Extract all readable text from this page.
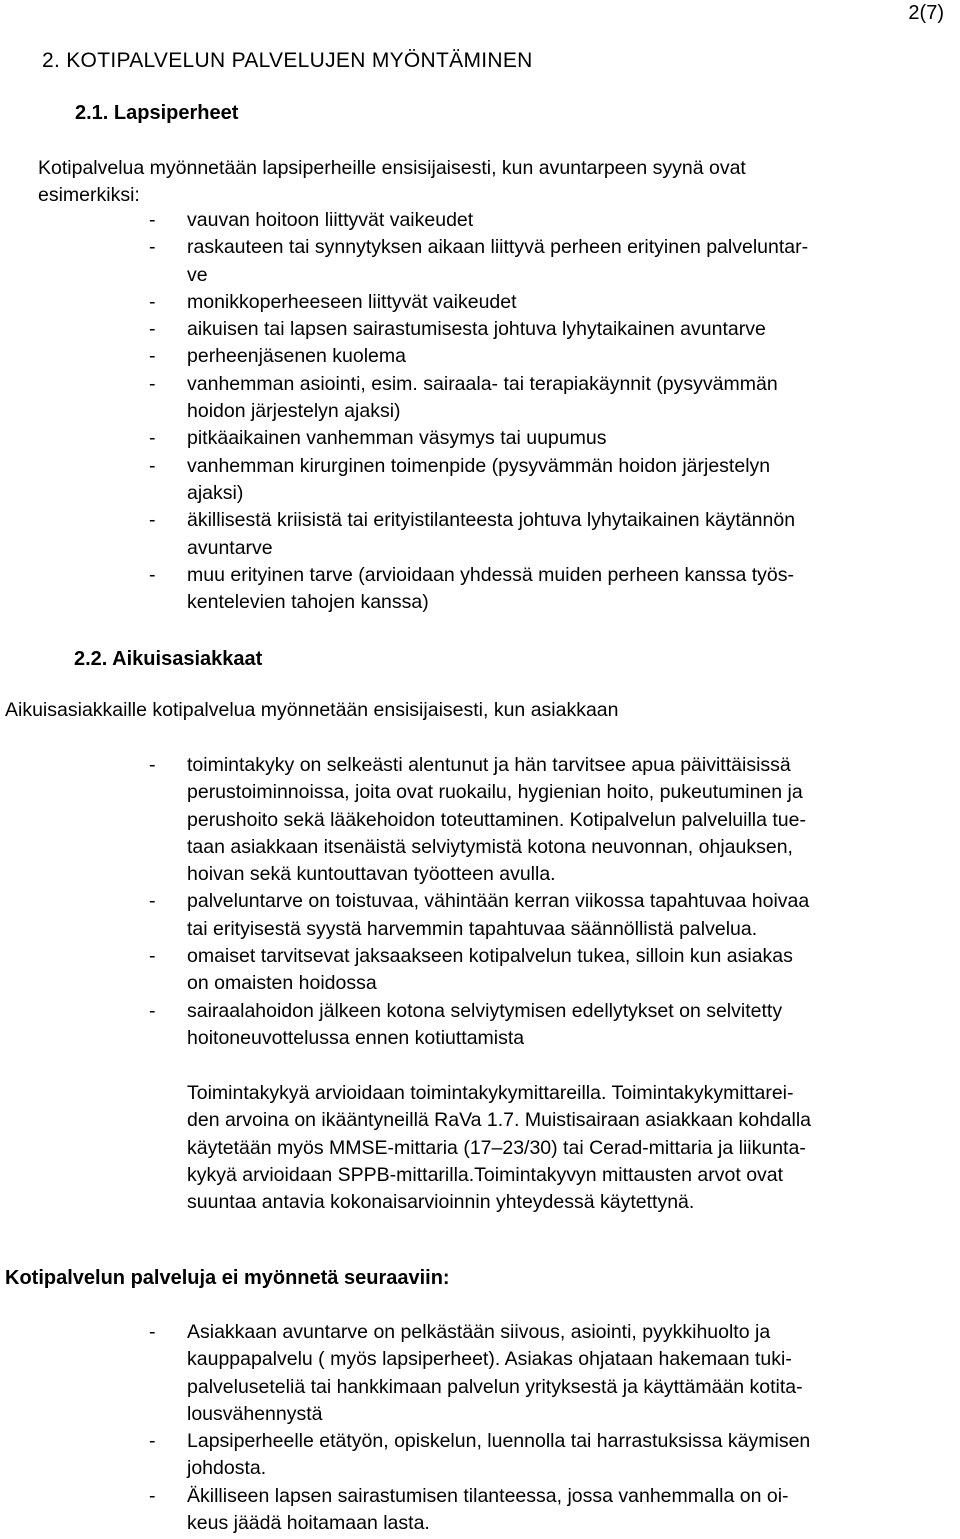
2(7)
2. KOTIPALVELUN PALVELUJEN MYÖNTÄMINEN
2.1. Lapsiperheet
Kotipalvelua myönnetään lapsiperheille ensisijaisesti, kun avuntarpeen syynä ovat
esimerkiksi:
- vauvan hoitoon liittyvät vaikeudet
- raskauteen tai synnytyksen aikaan liittyvä perheen erityinen palveluntar-
ve
- monikkoperheeseen liittyvät vaikeudet
- aikuisen tai lapsen sairastumisesta johtuva lyhytaikainen avuntarve
- perheenjäsenen kuolema
- vanhemman asiointi, esim. sairaala- tai terapiakäynnit (pysyvämmän
hoidon järjestelyn ajaksi)
- pitkäaikainen vanhemman väsymys tai uupumus
- vanhemman kirurginen toimenpide (pysyvämmän hoidon järjestelyn
ajaksi)
- äkillisestä kriisistä tai erityistilanteesta johtuva lyhytaikainen käytännön
avuntarve
- muu erityinen tarve (arvioidaan yhdessä muiden perheen kanssa työs-
kentelevien tahojen kanssa)
2.2. Aikuisasiakkaat
Aikuisasiakkaille kotipalvelua myönnetään ensisijaisesti, kun asiakkaan
- toimintakyky on selkeästi alentunut ja hän tarvitsee apua päivittäisissä
perustoiminnoissa, joita ovat ruokailu, hygienian hoito, pukeutuminen ja
perushoito sekä lääkehoidon toteuttaminen. Kotipalvelun palveluilla tue-
taan asiakkaan itsenäistä selviytymistä kotona neuvonnan, ohjauksen,
hoivan sekä kuntouttavan työotteen avulla.
- palveluntarve on toistuvaa, vähintään kerran viikossa tapahtuvaa hoivaa
tai erityisestä syystä harvemmin tapahtuvaa säännöllistä palvelua.
- omaiset tarvitsevat jaksaakseen kotipalvelun tukea, silloin kun asiakas
on omaisten hoidossa
- sairaalahoidon jälkeen kotona selviytymisen edellytykset on selvitetty
hoitoneuvottelussa ennen kotiuttamista
Toimintakykyä arvioidaan toimintakykymittareilla. Toimintakykymittarei-
den arvoina on ikääntyneillä RaVa 1.7. Muistisairaan asiakkaan kohdalla
käytetään myös MMSE-mittaria (17–23/30) tai Cerad-mittaria ja liikunta-
kykyä arvioidaan SPPB-mittarilla.Toimintakyvyn mittausten arvot ovat
suuntaa antavia kokonaisarvioinnin yhteydessä käytettynä.
Kotipalvelun palveluja ei myönnetä seuraaviin:
- Asiakkaan avuntarve on pelkästään siivous, asiointi, pyykkihuolto ja
kauppapalvelu ( myös lapsiperheet). Asiakas ohjataan hakemaan tuki-
palveluseteliä tai hankkimaan palvelun yrityksestä ja käyttämään kotita-
lousvähennystä
- Lapsiperheelle etätyön, opiskelun, luennolla tai harrastuksissa käymisen
johdosta.
- Äkilliseen lapsen sairastumisen tilanteessa, jossa vanhemmalla on oi-
keus jäädä hoitamaan lasta.
